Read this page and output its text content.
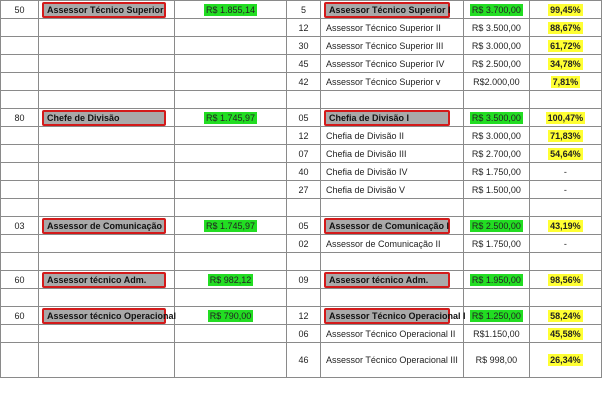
50	Assessor Técnico Superior	R$ 1.855,14	5	Assessor Técnico Superior I	R$ 3.700,00	99,45%
			12	Assessor Técnico Superior II	R$ 3.500,00	88,67%
			30	Assessor Técnico Superior III	R$ 3.000,00	61,72%
			45	Assessor Técnico Superior IV	R$ 2.500,00	34,78%
			42	Assessor Técnico Superior v	R$2.000,00	7,81%

80	Chefe de Divisão	R$ 1.745,97	05	Chefia de Divisão I	R$ 3.500,00	100,47%
			12	Chefia de Divisão II	R$ 3.000,00	71,83%
			07	Chefia de Divisão III	R$ 2.700,00	54,64%
			40	Chefia de Divisão IV	R$ 1.750,00	-
			27	Chefia de Divisão V	R$ 1.500,00	-

03	Assessor de Comunicação	R$ 1.745,97	05	Assessor de Comunicação I	R$ 2.500,00	43,19%
			02	Assessor de Comunicação II	R$ 1.750,00	-

60	Assessor técnico Adm.	R$ 982,12	09	Assessor técnico Adm.	R$ 1.950,00	98,56%

60	Assessor técnico Operacional	R$ 790,00	12	Assessor Técnico Operacional I	R$ 1.250,00	58,24%
			06	Assessor Técnico Operacional II	R$1.150,00	45,58%
			46	Assessor Técnico Operacional III	R$ 998,00	26,34%
